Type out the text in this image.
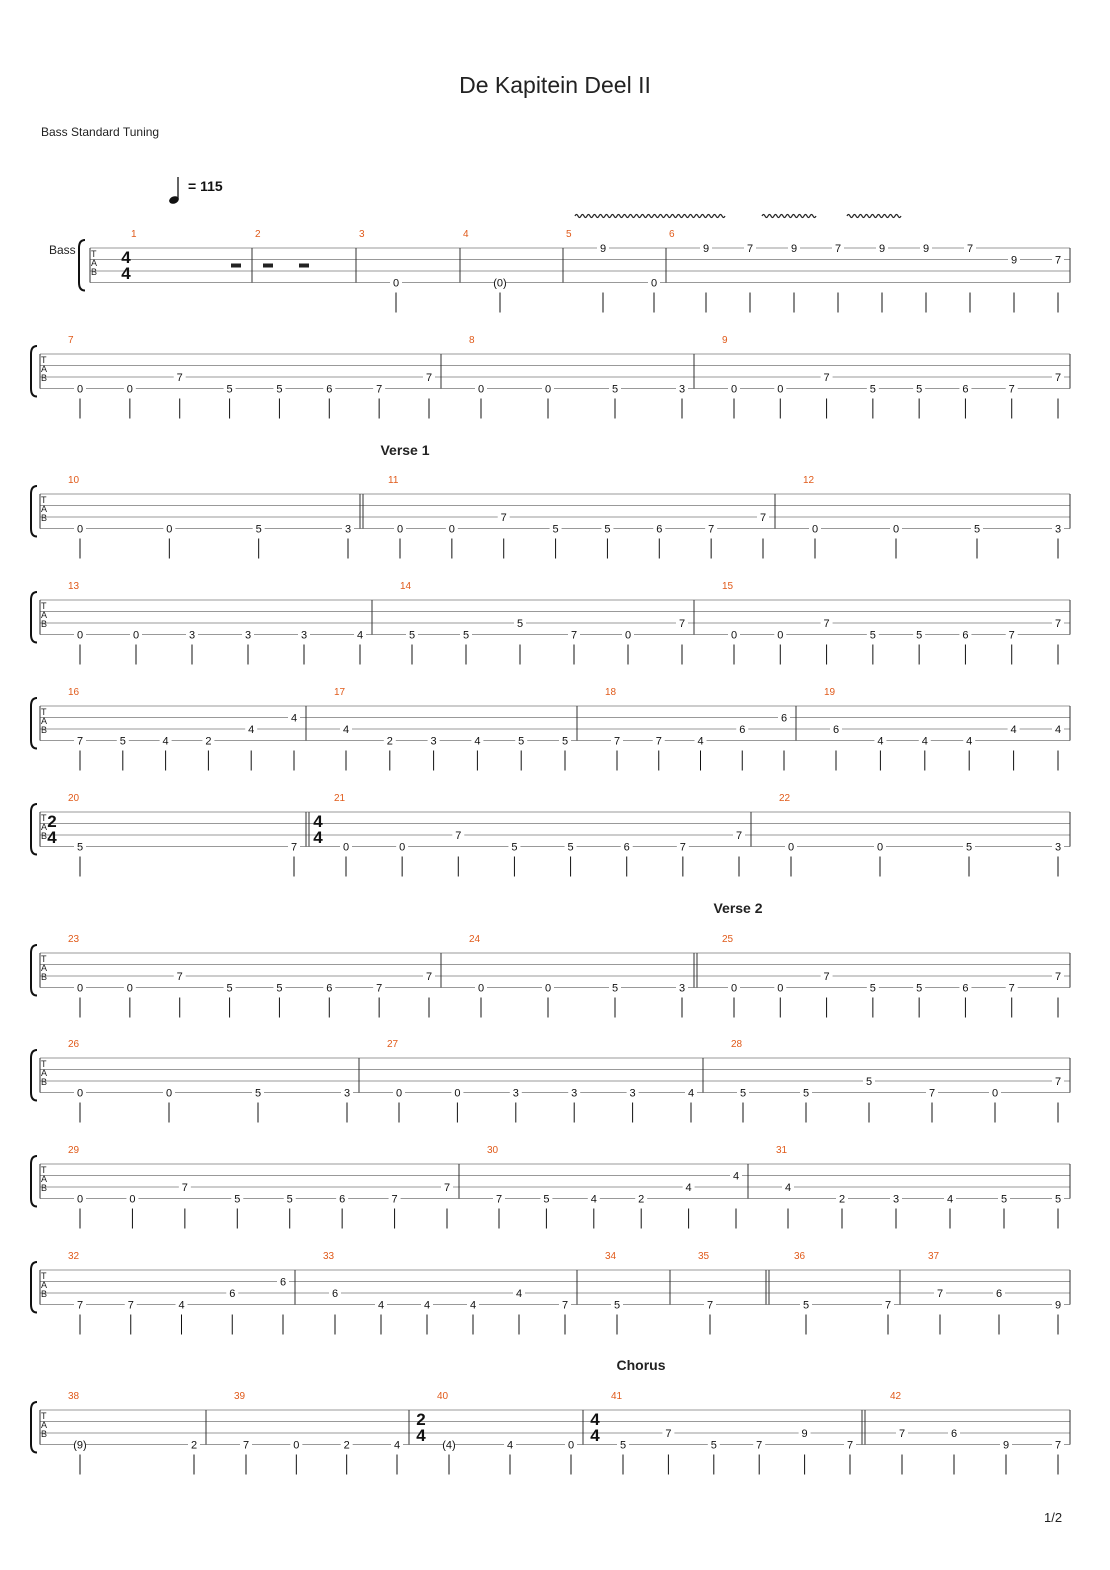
De Kapitein Deel II
Bass Standard Tuning
= 115
T
A
B
1
4
4
2	3
0
4
(0)
5
9
0
6
9	7	9	7	9	9	7
9	7
T
A
B
7
0	0
7
5	5	6	7
7
8
0	0	5	3
9
0	0
7
5	5	6	7
7
T
A
B
10
0	0	5	3
11
0	0
7
5	5	6	7
7
12
0	0	5	3
T
A
B
13
0	0	3	3	3	4
14
5	5
5
7	0
7
15
0	0
7
5	5	6	7
7
T
A
B
16
7	5	4	2
4
4
17
4
2	3	4	5	5
18
7	7	4
6
6
19
6
4	4	4
4	4
T
A
B
20
2
4
5	7
21
4
4
0	0
7
5	5	6	7
7
22
0	0	5	3
T
A
B
23
0	0
7
5	5	6	7
7
24
0	0	5	3
25
0	0
7
5	5	6	7
7
T
A
B
26
0	0	5	3
27
0	0	3	3	3	4
28
5	5
5
7	0
7
T
A
B
29
0	0
7
5	5	6	7
7
30
7	5	4	2
4
4
31
4
2	3	4	5	5
T
A
B
32
7	7	4
6
6
33
6
4	4	4
4
7
34
5
35
7
36
5	7
37
7	6
9
T
A
B
38
(9)	2
39
7	0	2	4
40
2
4
(4)	4	0
41
4
4
5
7
5	7
9
7
42
7	6
9	7
Verse 1
Verse 2
Chorus
Bass
1/2
